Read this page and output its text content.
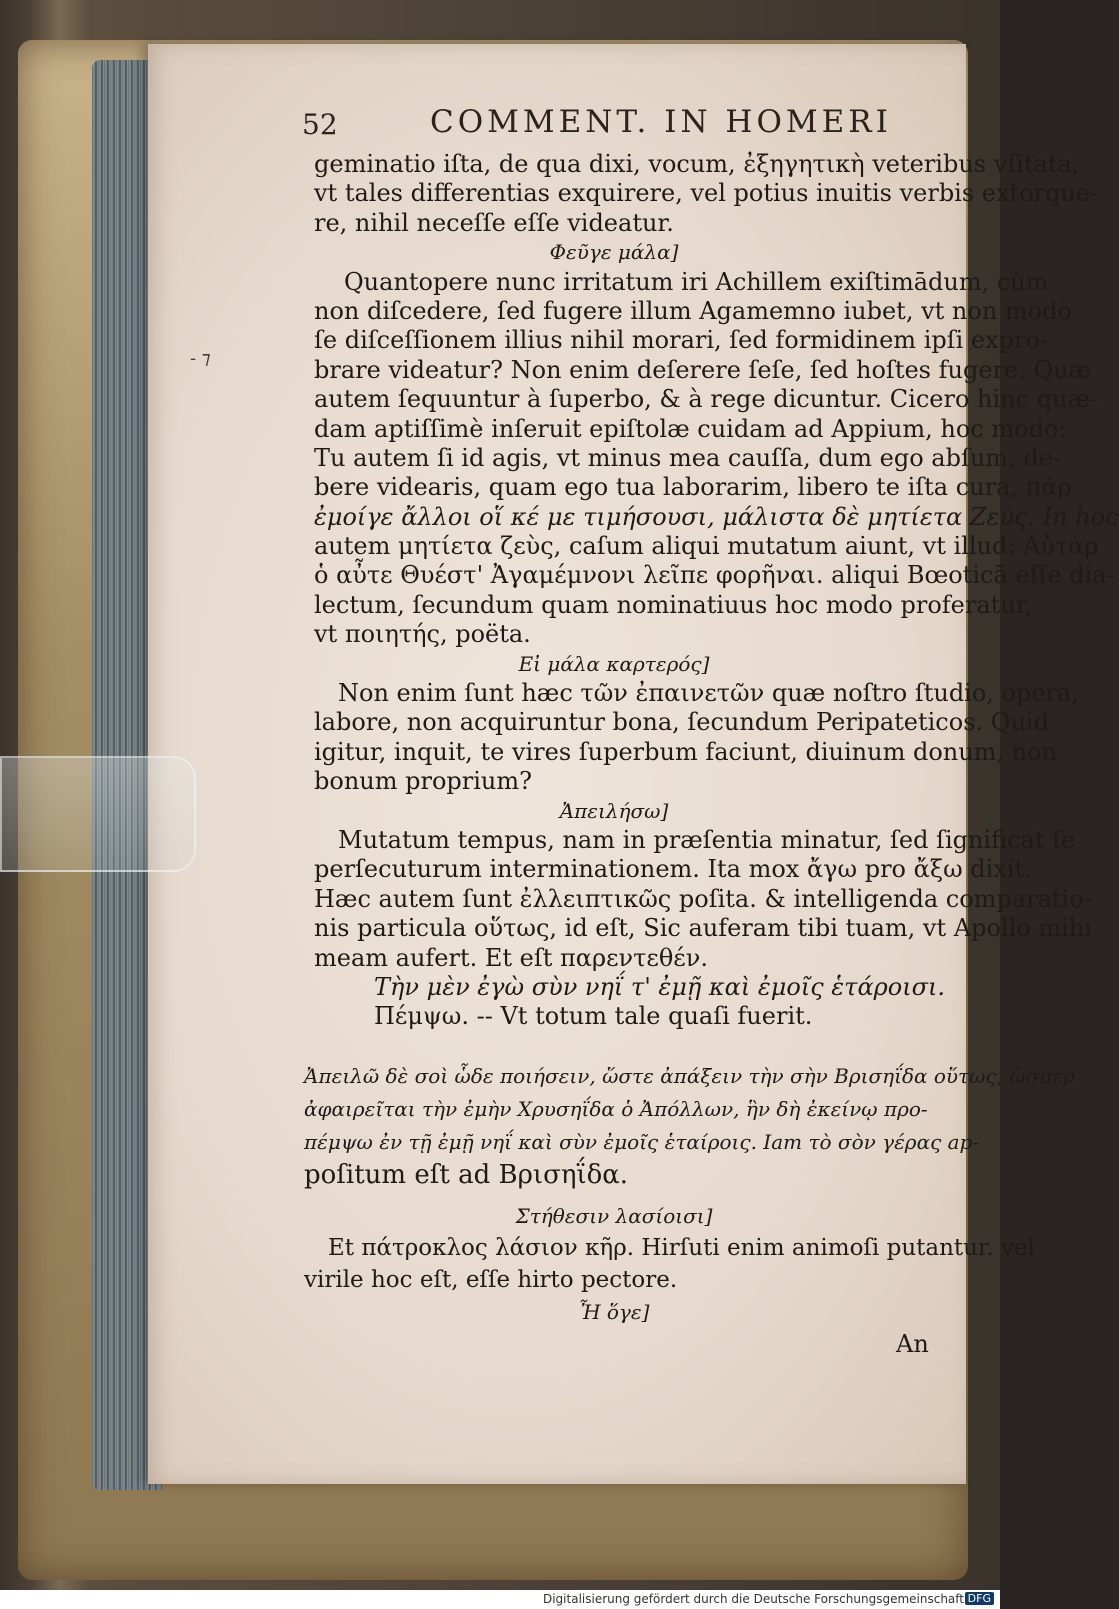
- ⁊
52	COMMENT. IN HOMERI
geminatio iſta, de qua dixi, vocum, ἐξηγητικὴ veteribus vſitata,
vt tales differentias exquirere, vel potius inuitis verbis extorque-
re, nihil neceſſe eſſe videatur.
Φεῦγε μάλα]
Quantopere nunc irritatum iri Achillem exiſtimādum, cùm
non diſcedere, ſed fugere illum Agamemno iubet, vt non modò
ſe diſceſſionem illius nihil morari, ſed formidinem ipſi expro-
brare videatur? Non enim deſerere ſeſe, ſed hoſtes fugere. Quæ
autem ſequuntur à ſuperbo, & à rege dicuntur. Cicero hinc quæ-
dam aptiſſimè inſeruit epiſtolæ cuidam ad Appium, hoc modo:
Tu autem ſi id agis, vt minus mea cauſſa, dum ego abſum, de-
bere videaris, quam ego tua laborarim, libero te iſta cura, πάρ
ἐμοίγε ἄλλοι οἵ κέ με τιμήσουσι, μάλιστα δὲ μητίετα Ζεύς. In hoc
autem μητίετα ζεὺς, caſum aliqui mutatum aiunt, vt illud: Αὐτὰρ
ὁ αὖτε Θυέστ' Ἀγαμέμνονι λεῖπε φορῆναι. aliqui Bœoticā eſſe dia-
lectum, ſecundum quam nominatiuus hoc modo proferatur,
vt ποιητής, poëta.
Εἰ μάλα καρτερός]
Non enim ſunt hæc τῶν ἐπαινετῶν quæ noſtro ſtudio, opera,
labore, non acquiruntur bona, ſecundum Peripateticos. Quid
igitur, inquit, te vires ſuperbum faciunt, diuinum donum, non
bonum proprium?
Ἀπειλήσω]
Mutatum tempus, nam in præſentia minatur, ſed ſignificat ſe
perſecuturum interminationem. Ita mox ἄγω pro ἄξω dixit.
Hæc autem ſunt ἐλλειπτικῶς poſita. & intelligenda comparatio-
nis particula οὕτως, id eſt, Sic auferam tibi tuam, vt Apollo mihi
meam aufert. Et eſt παρεντεθέν.
Τὴν μὲν ἐγὼ σὺν νηΐ τ' ἐμῇ καὶ ἐμοῖς ἑτάροισι.
Πέμψω. -- Vt totum tale quaſi fuerit.
Ἀπειλῶ δὲ σοὶ ὧδε ποιήσειν, ὥστε ἀπάξειν τὴν σὴν Βρισηΐδα οὕτως, ὥσπερ
ἀφαιρεῖται τὴν ἐμὴν Χρυσηΐδα ὁ Ἀπόλλων, ἣν δὴ ἐκείνῳ προ-
πέμψω ἐν τῇ ἐμῇ νηΐ καὶ σὺν ἐμοῖς ἑταίροις. Iam τὸ σὸν γέρας ap-
poſitum eſt ad Βρισηΐδα.
Στήθεσιν λασίοισι]
Et πάτροκλος λάσιον κῆρ. Hirſuti enim animoſi putantur. vel
virile hoc eſt, eſſe hirto pectore.
Ἦ ὅγε]
An
Digitalisierung gefördert durch die Deutsche Forschungsgemeinschaft DFG
